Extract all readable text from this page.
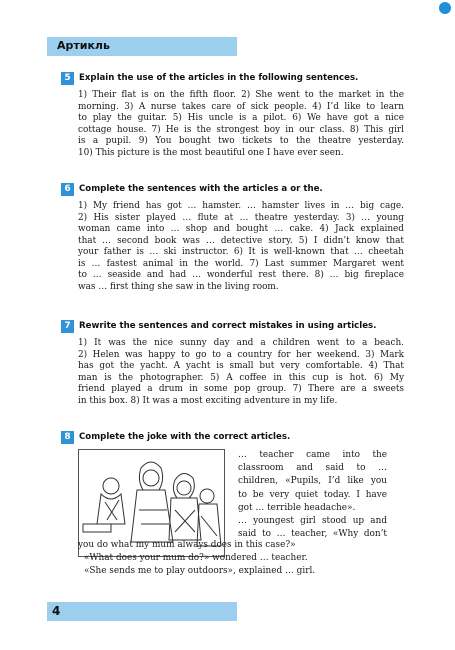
Артикль
5 Explain the use of the articles in the following sentences.
1) Their flat is on the fifth floor. 2) She went to the market in the
morning. 3) A nurse takes care of sick people. 4) I’d like to learn
to play the guitar. 5) His uncle is a pilot. 6) We have got a nice
cottage house. 7) He is the strongest boy in our class. 8) This girl
is a pupil. 9) You bought two tickets to the theatre yesterday.
10) This picture is the most beautiful one I have ever seen.
6 Complete the sentences with the articles a or the.
1) My friend has got … hamster. … hamster lives in … big cage.
2) His sister played … flute at … theatre yesterday. 3) … young
woman came into … shop and bought … cake. 4) Jack explained
that … second book was … detective story. 5) I didn’t know that
your father is … ski instructor. 6) It is well-known that … cheetah
is … fastest animal in the world. 7) Last summer Margaret went
to … seaside and had … wonderful rest there. 8) … big fireplace
was … first thing she saw in the living room.
7 Rewrite the sentences and correct mistakes in using articles.
1) It was the nice sunny day and a children went to a beach.
2) Helen was happy to go to a country for her weekend. 3) Mark
has got the yacht. A yacht is small but very comfortable. 4) That
man is the photographer. 5) A coffee in this cup is hot. 6) My
friend played a drum in some pop group. 7) There are a sweets
in this box. 8) It was a most exciting adventure in my life.
8 Complete the joke with the correct articles.
… teacher came into the
classroom and said to …
children, «Pupils, I’d like you
to be very quiet today. I have
got … terrible headache».
… youngest girl stood up and
said to … teacher, «Why don’t
you do what my mum always does in this case?»
«What does your mum do?» wondered … teacher.
«She sends me to play outdoors», explained … girl.
4
